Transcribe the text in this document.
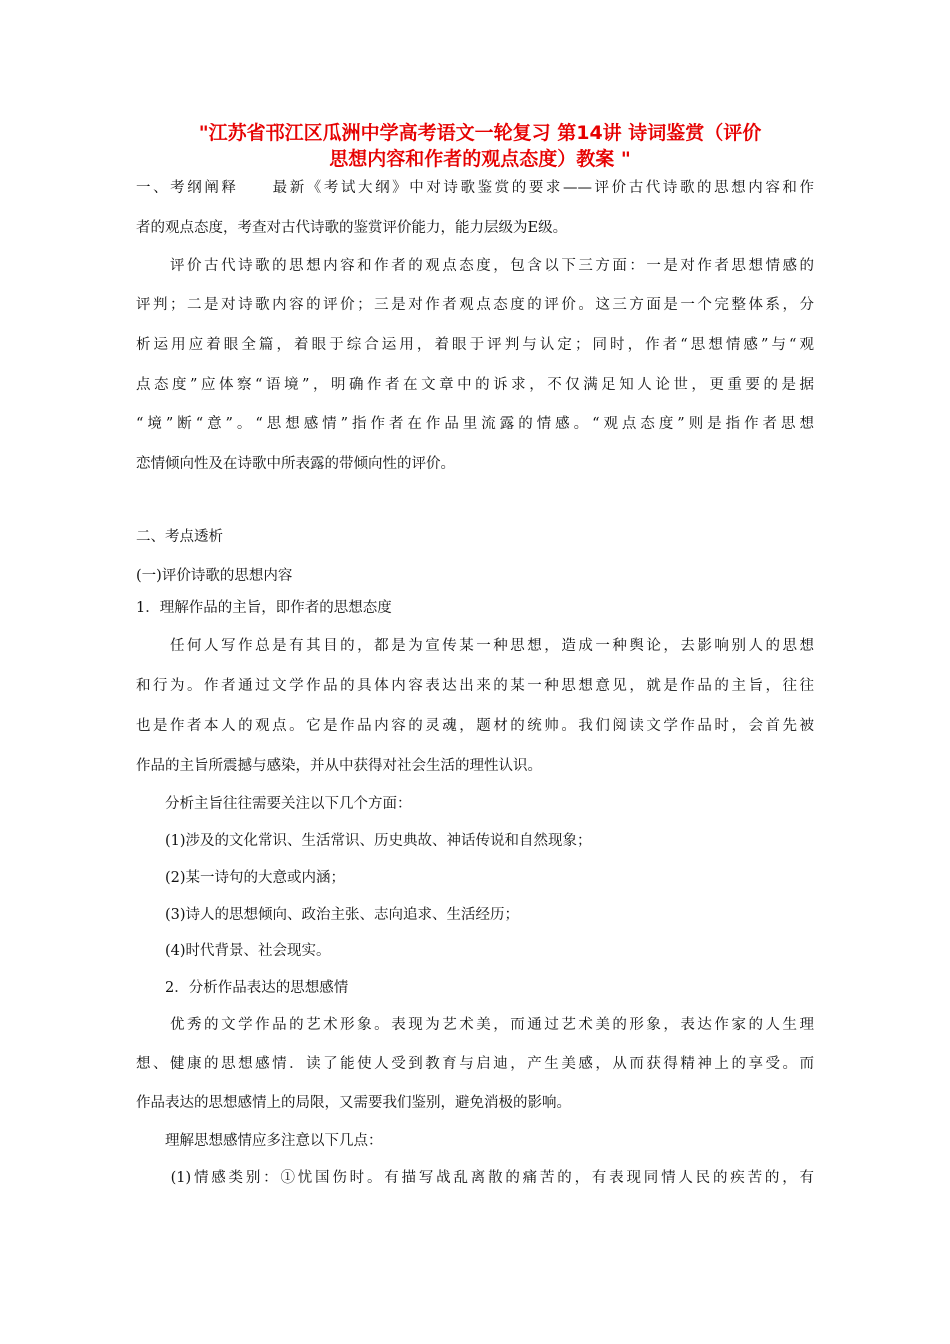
"江苏省邗江区瓜洲中学高考语文一轮复习 第14讲 诗词鉴赏（评价
思想内容和作者的观点态度）教案 "
一、考纲阐释　　最新《考试大纲》中对诗歌鉴赏的要求——评价古代诗歌的思想内容和作
者的观点态度，考查对古代诗歌的鉴赏评价能力，能力层级为E级。
　　评价古代诗歌的思想内容和作者的观点态度，包含以下三方面：一是对作者思想情感的
评判；二是对诗歌内容的评价；三是对作者观点态度的评价。这三方面是一个完整体系，分
析运用应着眼全篇，着眼于综合运用，着眼于评判与认定；同时，作者“思想情感”与“观
点态度”应体察“语境”，明确作者在文章中的诉求，不仅满足知人论世，更重要的是据
“境”断“意”。“思想感情”指作者在作品里流露的情感。“观点态度”则是指作者思想
恋情倾向性及在诗歌中所表露的带倾向性的评价。
二、考点透析
(一)评价诗歌的思想内容
1．理解作品的主旨，即作者的思想态度
　　任何人写作总是有其目的，都是为宣传某一种思想，造成一种舆论，去影响别人的思想
和行为。作者通过文学作品的具体内容表达出来的某一种思想意见，就是作品的主旨，往往
也是作者本人的观点。它是作品内容的灵魂，题材的统帅。我们阅读文学作品时，会首先被
作品的主旨所震撼与感染，并从中获得对社会生活的理性认识。
　　分析主旨往往需要关注以下几个方面：
　　(1)涉及的文化常识、生活常识、历史典故、神话传说和自然现象；
　　(2)某一诗句的大意或内涵；
　　(3)诗人的思想倾向、政治主张、志向追求、生活经历；
　　(4)时代背景、社会现实。
　　2．分析作品表达的思想感情
　　优秀的文学作品的艺术形象。表现为艺术美，而通过艺术美的形象，表达作家的人生理
想、健康的思想感情．读了能使人受到教育与启迪，产生美感，从而获得精神上的享受。而
作品表达的思想感情上的局限，又需要我们鉴别，避免消极的影响。
　　理解思想感情应多注意以下几点：
　　(1)情感类别：①忧国伤时。有描写战乱离散的痛苦的，有表现同情人民的疾苦的，有
